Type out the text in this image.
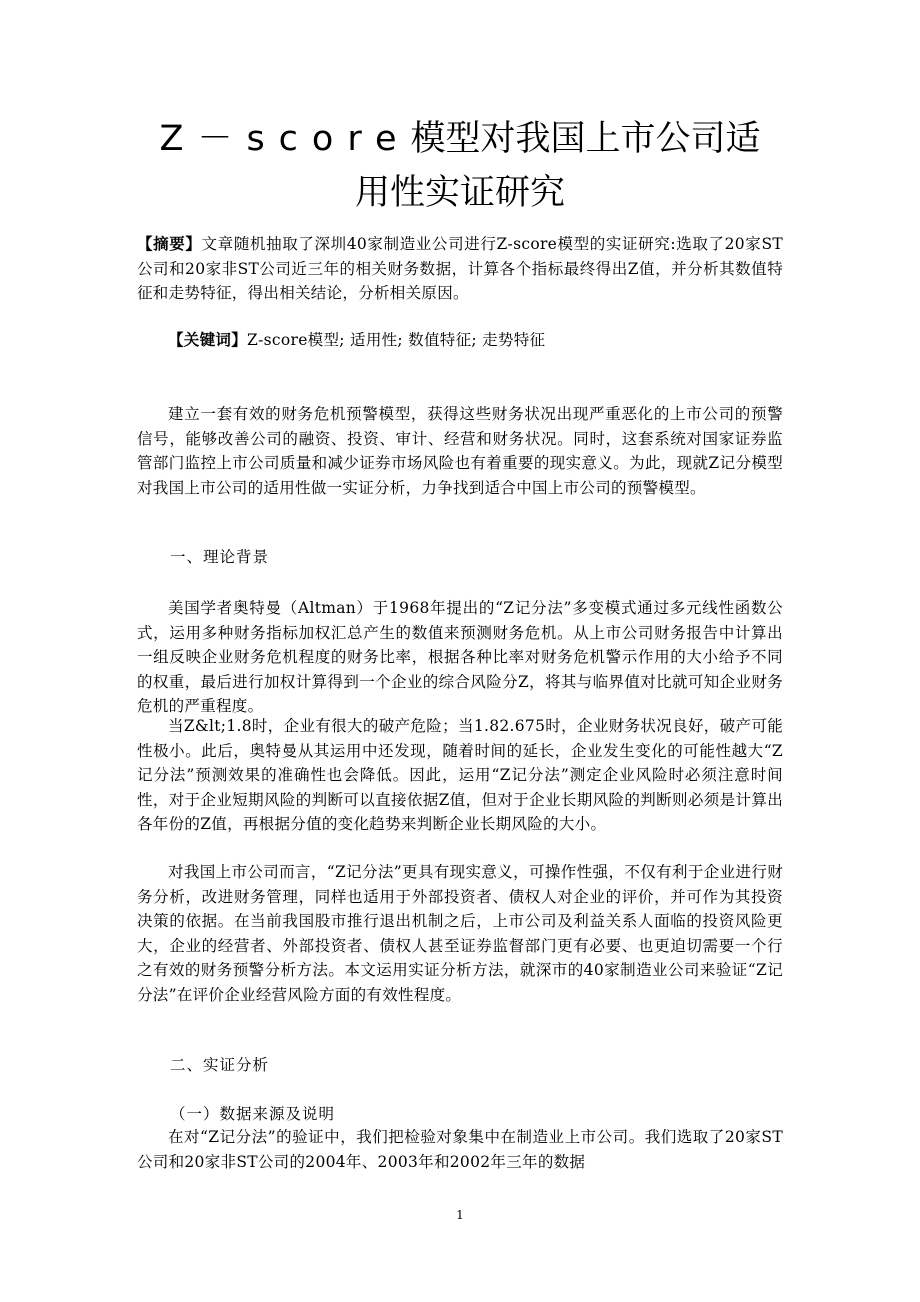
Z－score模型对我国上市公司适
用性实证研究

【摘要】文章随机抽取了深圳40家制造业公司进行Z-score模型的实证研究:选取了20家ST公司和20家非ST公司近三年的相关财务数据，计算各个指标最终得出Z值，并分析其数值特征和走势特征，得出相关结论，分析相关原因。

【关键词】Z-score模型; 适用性; 数值特征; 走势特征

建立一套有效的财务危机预警模型，获得这些财务状况出现严重恶化的上市公司的预警信号，能够改善公司的融资、投资、审计、经营和财务状况。同时，这套系统对国家证券监管部门监控上市公司质量和减少证券市场风险也有着重要的现实意义。为此，现就Z记分模型对我国上市公司的适用性做一实证分析，力争找到适合中国上市公司的预警模型。

一、理论背景

美国学者奥特曼（Altman）于1968年提出的“Z记分法”多变模式通过多元线性函数公式，运用多种财务指标加权汇总产生的数值来预测财务危机。从上市公司财务报告中计算出一组反映企业财务危机程度的财务比率，根据各种比率对财务危机警示作用的大小给予不同的权重，最后进行加权计算得到一个企业的综合风险分Z，将其与临界值对比就可知企业财务危机的严重程度。

当Z&lt;1.8时，企业有很大的破产危险；当1.82.675时，企业财务状况良好，破产可能性极小。此后，奥特曼从其运用中还发现，随着时间的延长，企业发生变化的可能性越大“Z记分法”预测效果的准确性也会降低。因此，运用“Z记分法”测定企业风险时必须注意时间性，对于企业短期风险的判断可以直接依据Z值，但对于企业长期风险的判断则必须是计算出各年份的Z值，再根据分值的变化趋势来判断企业长期风险的大小。

对我国上市公司而言，“Z记分法”更具有现实意义，可操作性强，不仅有利于企业进行财务分析，改进财务管理，同样也适用于外部投资者、债权人对企业的评价，并可作为其投资决策的依据。在当前我国股市推行退出机制之后，上市公司及利益关系人面临的投资风险更大，企业的经营者、外部投资者、债权人甚至证券监督部门更有必要、也更迫切需要一个行之有效的财务预警分析方法。本文运用实证分析方法，就深市的40家制造业公司来验证“Z记分法”在评价企业经营风险方面的有效性程度。

二、实证分析

（一）数据来源及说明

在对“Z记分法”的验证中，我们把检验对象集中在制造业上市公司。我们选取了20家ST公司和20家非ST公司的2004年、2003年和2002年三年的数据

1
